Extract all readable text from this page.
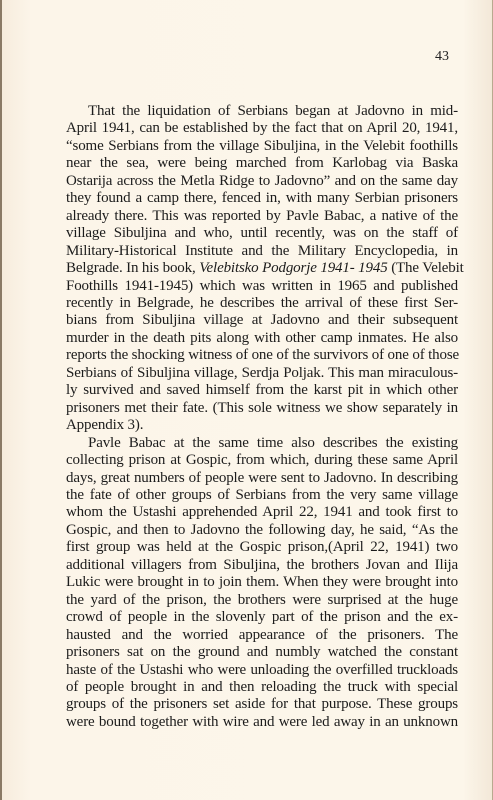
43
That the liquidation of Serbians began at Jadovno in mid-
April 1941, can be established by the fact that on April 20, 1941,
“some Serbians from the village Sibuljina, in the Velebit foothills
near the sea, were being marched from Karlobag via Baska
Ostarija across the Metla Ridge to Jadovno” and on the same day
they found a camp there, fenced in, with many Serbian prisoners
already there. This was reported by Pavle Babac, a native of the
village Sibuljina and who, until recently, was on the staff of
Military-Historical Institute and the Military Encyclopedia, in
Belgrade. In his book, Velebitsko Podgorje 1941- 1945 (The Velebit
Foothills 1941-1945) which was written in 1965 and published
recently in Belgrade, he describes the arrival of these first Ser-
bians from Sibuljina village at Jadovno and their subsequent
murder in the death pits along with other camp inmates. He also
reports the shocking witness of one of the survivors of one of those
Serbians of Sibuljina village, Serdja Poljak. This man miraculous-
ly survived and saved himself from the karst pit in which other
prisoners met their fate. (This sole witness we show separately in
Appendix 3).
Pavle Babac at the same time also describes the existing
collecting prison at Gospic, from which, during these same April
days, great numbers of people were sent to Jadovno. In describing
the fate of other groups of Serbians from the very same village
whom the Ustashi apprehended April 22, 1941 and took first to
Gospic, and then to Jadovno the following day, he said, “As the
first group was held at the Gospic prison,(April 22, 1941) two
additional villagers from Sibuljina, the brothers Jovan and Ilija
Lukic were brought in to join them. When they were brought into
the yard of the prison, the brothers were surprised at the huge
crowd of people in the slovenly part of the prison and the ex-
hausted and the worried appearance of the prisoners. The
prisoners sat on the ground and numbly watched the constant
haste of the Ustashi who were unloading the overfilled truckloads
of people brought in and then reloading the truck with special
groups of the prisoners set aside for that purpose. These groups
were bound together with wire and were led away in an unknown
